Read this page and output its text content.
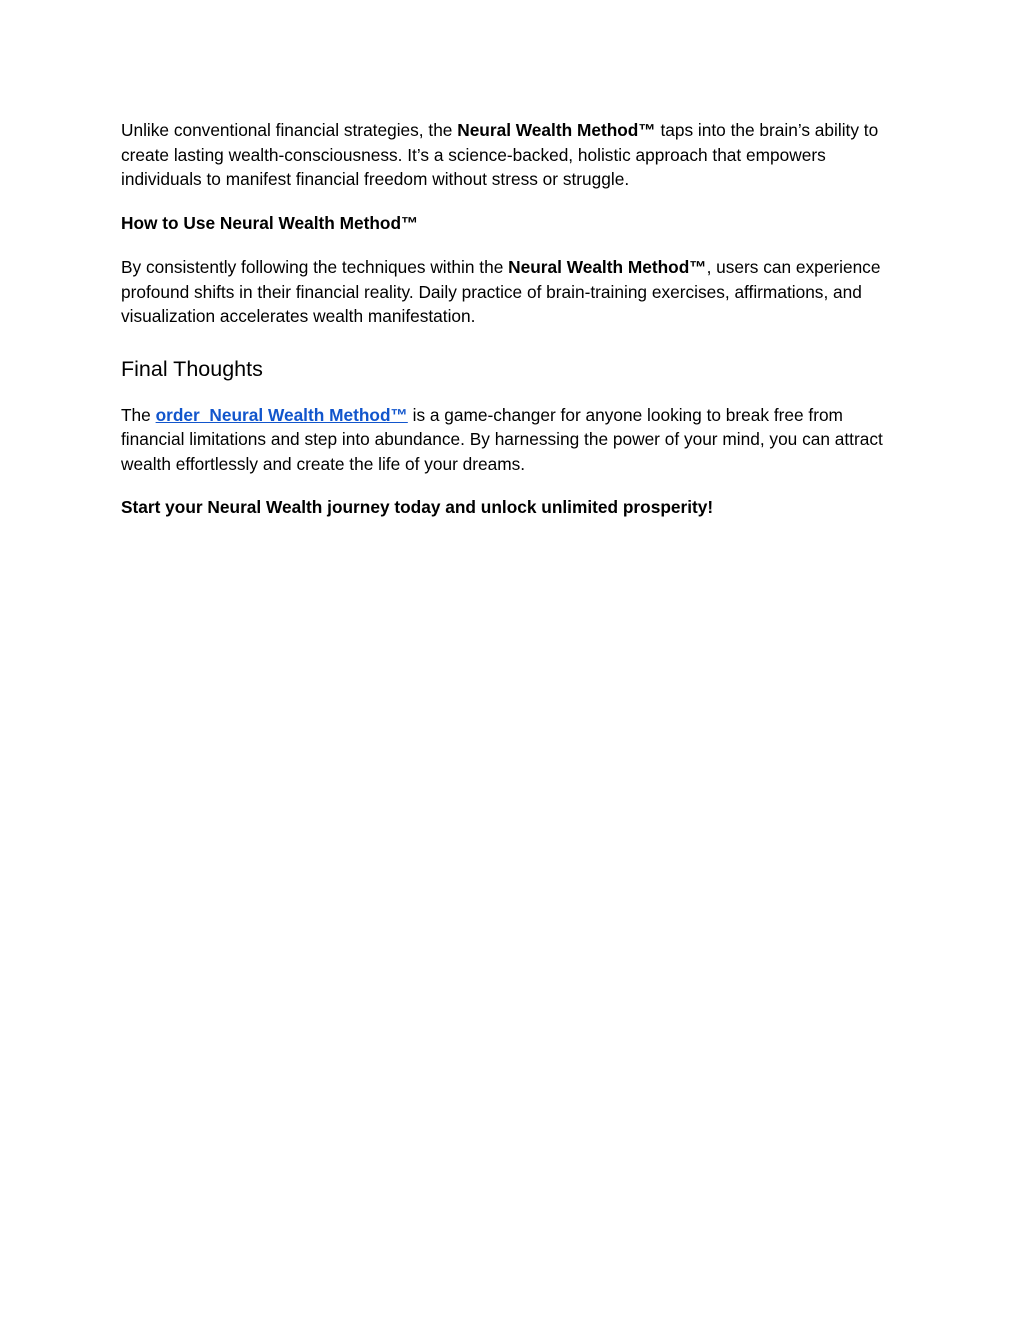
Unlike conventional financial strategies, the Neural Wealth Method™ taps into the brain’s ability to create lasting wealth-consciousness. It’s a science-backed, holistic approach that empowers individuals to manifest financial freedom without stress or struggle.

How to Use Neural Wealth Method™

By consistently following the techniques within the Neural Wealth Method™, users can experience profound shifts in their financial reality. Daily practice of brain-training exercises, affirmations, and visualization accelerates wealth manifestation.

Final Thoughts

The order  Neural Wealth Method™ is a game-changer for anyone looking to break free from financial limitations and step into abundance. By harnessing the power of your mind, you can attract wealth effortlessly and create the life of your dreams.

Start your Neural Wealth journey today and unlock unlimited prosperity!
